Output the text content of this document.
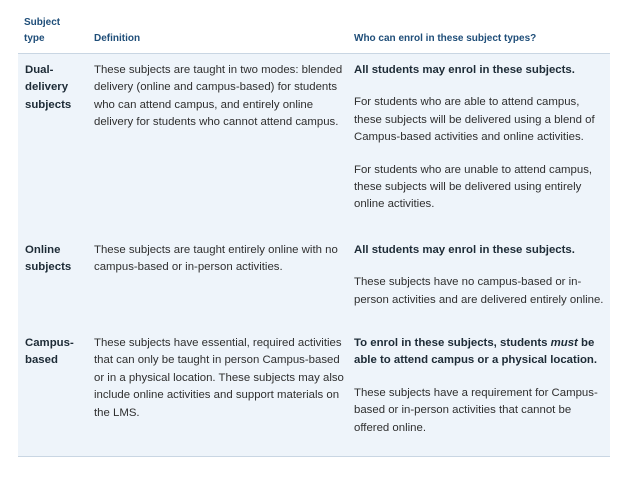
Subject type	Definition	Who can enrol in these subject types?
Dual-delivery subjects	These subjects are taught in two modes: blended delivery (online and campus-based) for students who can attend campus, and entirely online delivery for students who cannot attend campus.	All students may enrol in these subjects.

For students who are able to attend campus, these subjects will be delivered using a blend of Campus-based activities and online activities.

For students who are unable to attend campus, these subjects will be delivered using entirely online activities.

Online subjects	These subjects are taught entirely online with no campus-based or in-person activities.	All students may enrol in these subjects.

These subjects have no campus-based or in-person activities and are delivered entirely online.

Campus-based	These subjects have essential, required activities that can only be taught in person Campus-based or in a physical location. These subjects may also include online activities and support materials on the LMS.	To enrol in these subjects, students must be able to attend campus or a physical location.

These subjects have a requirement for Campus-based or in-person activities that cannot be offered online.
